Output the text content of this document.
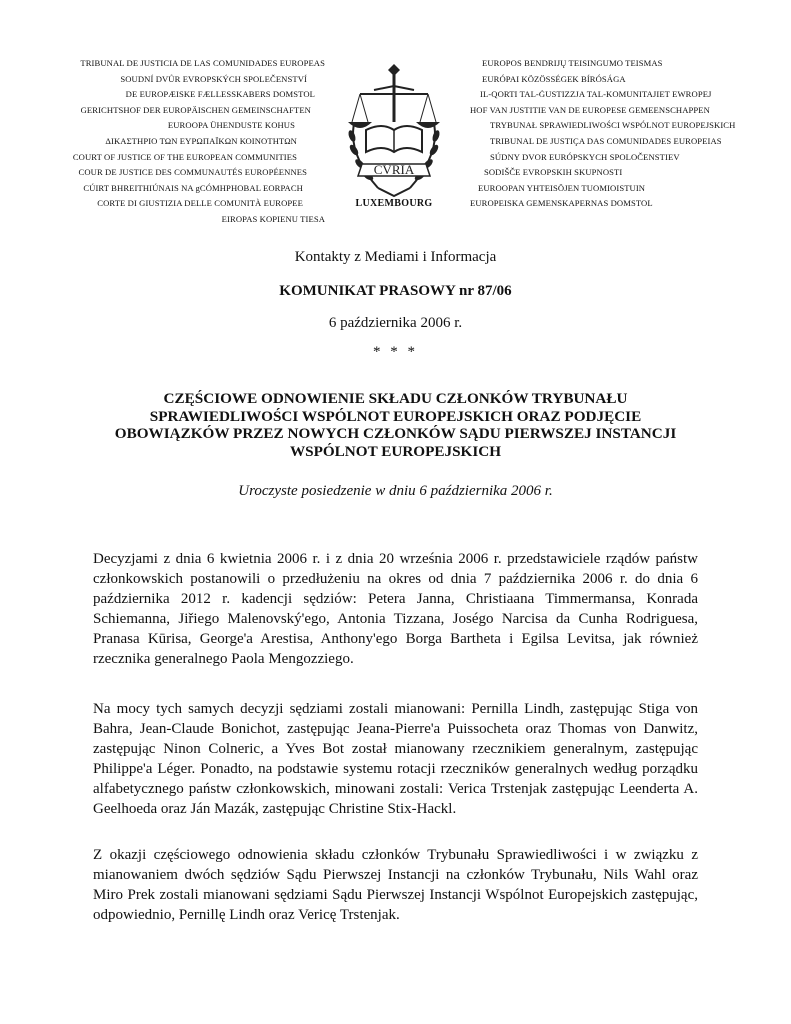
TRIBUNAL DE JUSTICIA DE LAS COMUNIDADES EUROPEAS
SOUDNÍ DVŮR EVROPSKÝCH SPOLEČENSTVÍ
DE EUROPÆISKE FÆLLESSKABERS DOMSTOL
GERICHTSHOF DER EUROPÄISCHEN GEMEINSCHAFTEN
EUROOPA ÜHENDUSTE KOHUS
ΔΙΚΑΣΤΗΡΙΟ ΤΩΝ ΕΥΡΩΠΑΪΚΩΝ ΚΟΙΝΟΤΗΤΩΝ
COURT OF JUSTICE OF THE EUROPEAN COMMUNITIES
COUR DE JUSTICE DES COMMUNAUTÉS EUROPÉENNES
CÚIRT BHREITHIÚNAIS NA gCÓMHPHOBAL EORPACH
CORTE DI GIUSTIZIA DELLE COMUNITÀ EUROPEE
EIROPAS KOPIENU TIESA
CVRIA
LUXEMBOURG
EUROPOS BENDRIJŲ TEISINGUMO TEISMAS
EURÓPAI KÖZÖSSÉGEK BÍRÓSÁGA
IL-QORTI TAL-ĠUSTIZZJA TAL-KOMUNITAJIET EWROPEJ
HOF VAN JUSTITIE VAN DE EUROPESE GEMEENSCHAPPEN
TRYBUNAŁ SPRAWIEDLIWOŚCI WSPÓLNOT EUROPEJSKICH
TRIBUNAL DE JUSTIÇA DAS COMUNIDADES EUROPEIAS
SÚDNY DVOR EURÓPSKYCH SPOLOČENSTIEV
SODIŠČE EVROPSKIH SKUPNOSTI
EUROOPAN YHTEISÖJEN TUOMIOISTUIN
EUROPEISKA GEMENSKAPERNAS DOMSTOL
Kontakty z Mediami i Informacja
KOMUNIKAT PRASOWY nr 87/06
6 października 2006 r.
* * *
CZĘŚCIOWE ODNOWIENIE SKŁADU CZŁONKÓW TRYBUNAŁU
SPRAWIEDLIWOŚCI WSPÓLNOT EUROPEJSKICH ORAZ PODJĘCIE
OBOWIĄZKÓW PRZEZ NOWYCH CZŁONKÓW SĄDU PIERWSZEJ INSTANCJI
WSPÓLNOT EUROPEJSKICH
Uroczyste posiedzenie w dniu 6 października 2006 r.
Decyzjami z dnia 6 kwietnia 2006 r. i z dnia 20 września 2006 r. przedstawiciele rządów państw członkowskich postanowili o przedłużeniu na okres od dnia 7 października 2006 r. do dnia 6 października 2012 r. kadencji sędziów: Petera Janna, Christiaana Timmermansa, Konrada Schiemanna, Jiřiego Malenovský'ego, Antonia Tizzana, Joségo Narcisa da Cunha Rodriguesa, Pranasa Kūrisa, George'a Arestisa, Anthony'ego Borga Bartheta i Egilsa Levitsa, jak również rzecznika generalnego Paola Mengozziego.
Na mocy tych samych decyzji sędziami zostali mianowani: Pernilla Lindh, zastępując Stiga von Bahra, Jean-Claude Bonichot, zastępując Jeana-Pierre'a Puissocheta oraz Thomas von Danwitz, zastępując Ninon Colneric, a Yves Bot został mianowany rzecznikiem generalnym, zastępując Philippe'a Léger. Ponadto, na podstawie systemu rotacji rzeczników generalnych według porządku alfabetycznego państw członkowskich, minowani zostali: Verica Trstenjak zastępując Leenderta A. Geelhoeda oraz Ján Mazák, zastępując Christine Stix-Hackl.
Z okazji częściowego odnowienia składu członków Trybunału Sprawiedliwości i w związku z mianowaniem dwóch sędziów Sądu Pierwszej Instancji na członków Trybunału, Nils Wahl oraz Miro Prek zostali mianowani sędziami Sądu Pierwszej Instancji Wspólnot Europejskich zastępując, odpowiednio, Pernillę Lindh oraz Vericę Trstenjak.
